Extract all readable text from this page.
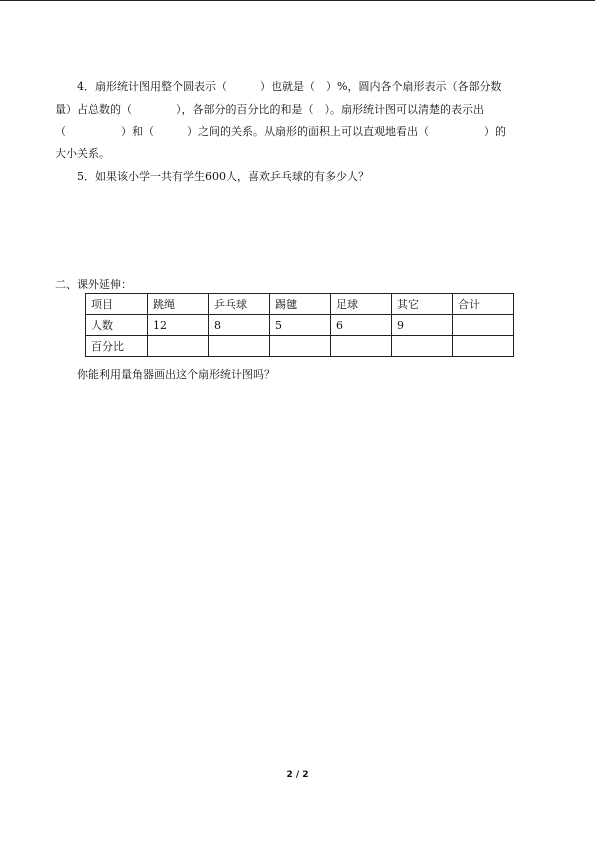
4．扇形统计图用整个圆表示（　　　）也就是（　）%，圆内各个扇形表示（各部分数
量）占总数的（　　　　），各部分的百分比的和是（　）。扇形统计图可以清楚的表示出
（　　　　　）和（　　　）之间的关系。从扇形的面积上可以直观地看出（　　　　　）的
大小关系。
5．如果该小学一共有学生600人，喜欢乒乓球的有多少人？
二、课外延伸：
项目	跳绳	乒乓球	踢毽	足球	其它	合计
人数	12	8	5	6	9	
百分比						
你能利用量角器画出这个扇形统计图吗？
2 / 2
